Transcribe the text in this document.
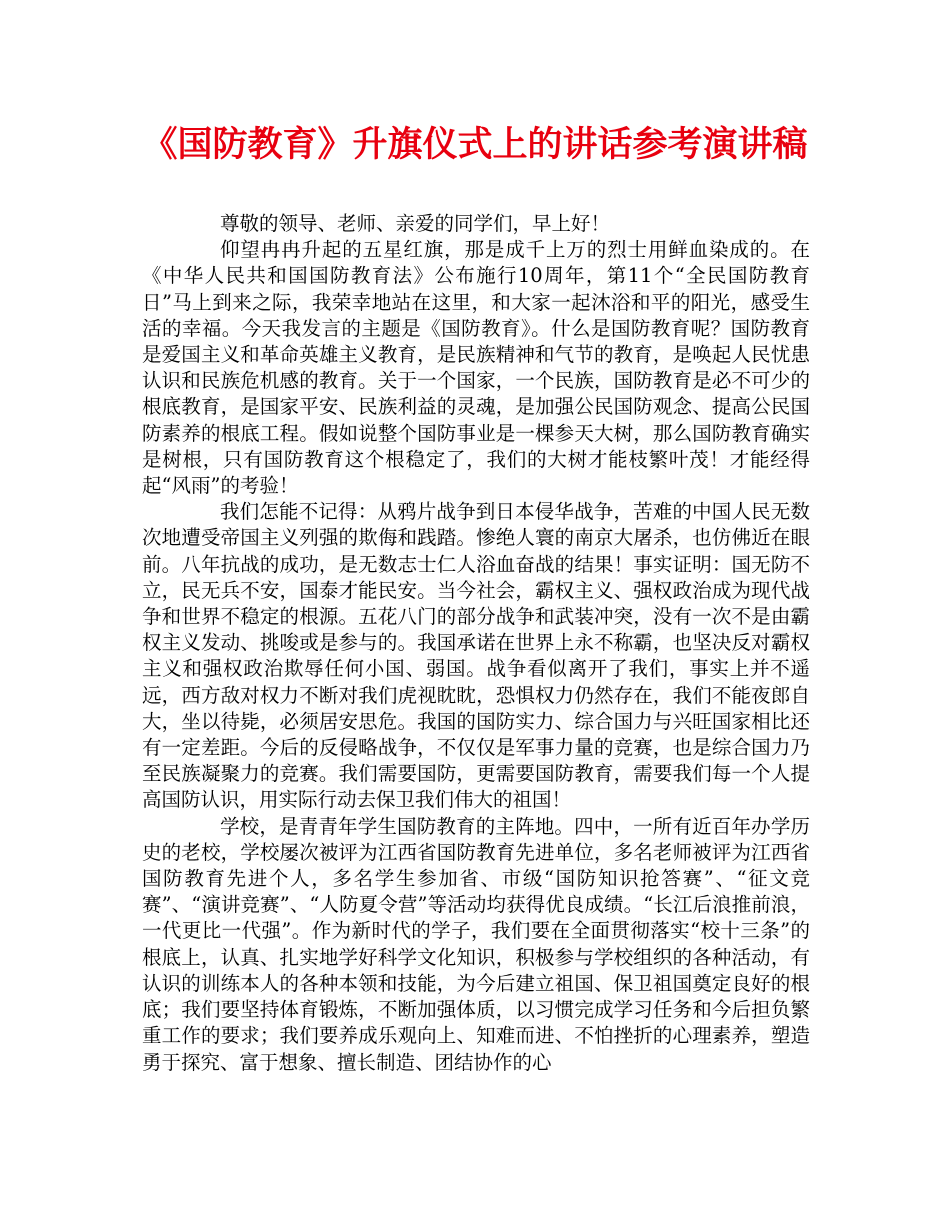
《国防教育》升旗仪式上的讲话参考演讲稿

尊敬的领导、老师、亲爱的同学们，早上好！

仰望冉冉升起的五星红旗，那是成千上万的烈士用鲜血染成的。在《中华人民共和国国防教育法》公布施行10周年，第11个“全民国防教育日”马上到来之际，我荣幸地站在这里，和大家一起沐浴和平的阳光，感受生活的幸福。今天我发言的主题是《国防教育》。什么是国防教育呢？国防教育是爱国主义和革命英雄主义教育，是民族精神和气节的教育，是唤起人民忧患认识和民族危机感的教育。关于一个国家，一个民族，国防教育是必不可少的根底教育，是国家平安、民族利益的灵魂，是加强公民国防观念、提高公民国防素养的根底工程。假如说整个国防事业是一棵参天大树，那么国防教育确实是树根，只有国防教育这个根稳定了，我们的大树才能枝繁叶茂！才能经得起“风雨”的考验！

我们怎能不记得：从鸦片战争到日本侵华战争，苦难的中国人民无数次地遭受帝国主义列强的欺侮和践踏。惨绝人寰的南京大屠杀，也仿佛近在眼前。八年抗战的成功，是无数志士仁人浴血奋战的结果！事实证明：国无防不立，民无兵不安，国泰才能民安。当今社会，霸权主义、强权政治成为现代战争和世界不稳定的根源。五花八门的部分战争和武装冲突，没有一次不是由霸权主义发动、挑唆或是参与的。我国承诺在世界上永不称霸，也坚决反对霸权主义和强权政治欺辱任何小国、弱国。战争看似离开了我们，事实上并不遥远，西方敌对权力不断对我们虎视眈眈，恐惧权力仍然存在，我们不能夜郎自大，坐以待毙，必须居安思危。我国的国防实力、综合国力与兴旺国家相比还有一定差距。今后的反侵略战争，不仅仅是军事力量的竞赛，也是综合国力乃至民族凝聚力的竞赛。我们需要国防，更需要国防教育，需要我们每一个人提高国防认识，用实际行动去保卫我们伟大的祖国！

学校，是青青年学生国防教育的主阵地。四中，一所有近百年办学历史的老校，学校屡次被评为江西省国防教育先进单位，多名老师被评为江西省国防教育先进个人，多名学生参加省、市级“国防知识抢答赛”、“征文竞赛”、“演讲竞赛”、“人防夏令营”等活动均获得优良成绩。“长江后浪推前浪，一代更比一代强”。作为新时代的学子，我们要在全面贯彻落实“校十三条”的根底上，认真、扎实地学好科学文化知识，积极参与学校组织的各种活动，有认识的训练本人的各种本领和技能，为今后建立祖国、保卫祖国奠定良好的根底；我们要坚持体育锻炼，不断加强体质，以习惯完成学习任务和今后担负繁重工作的要求；我们要养成乐观向上、知难而进、不怕挫折的心理素养，塑造勇于探究、富于想象、擅长制造、团结协作的心
